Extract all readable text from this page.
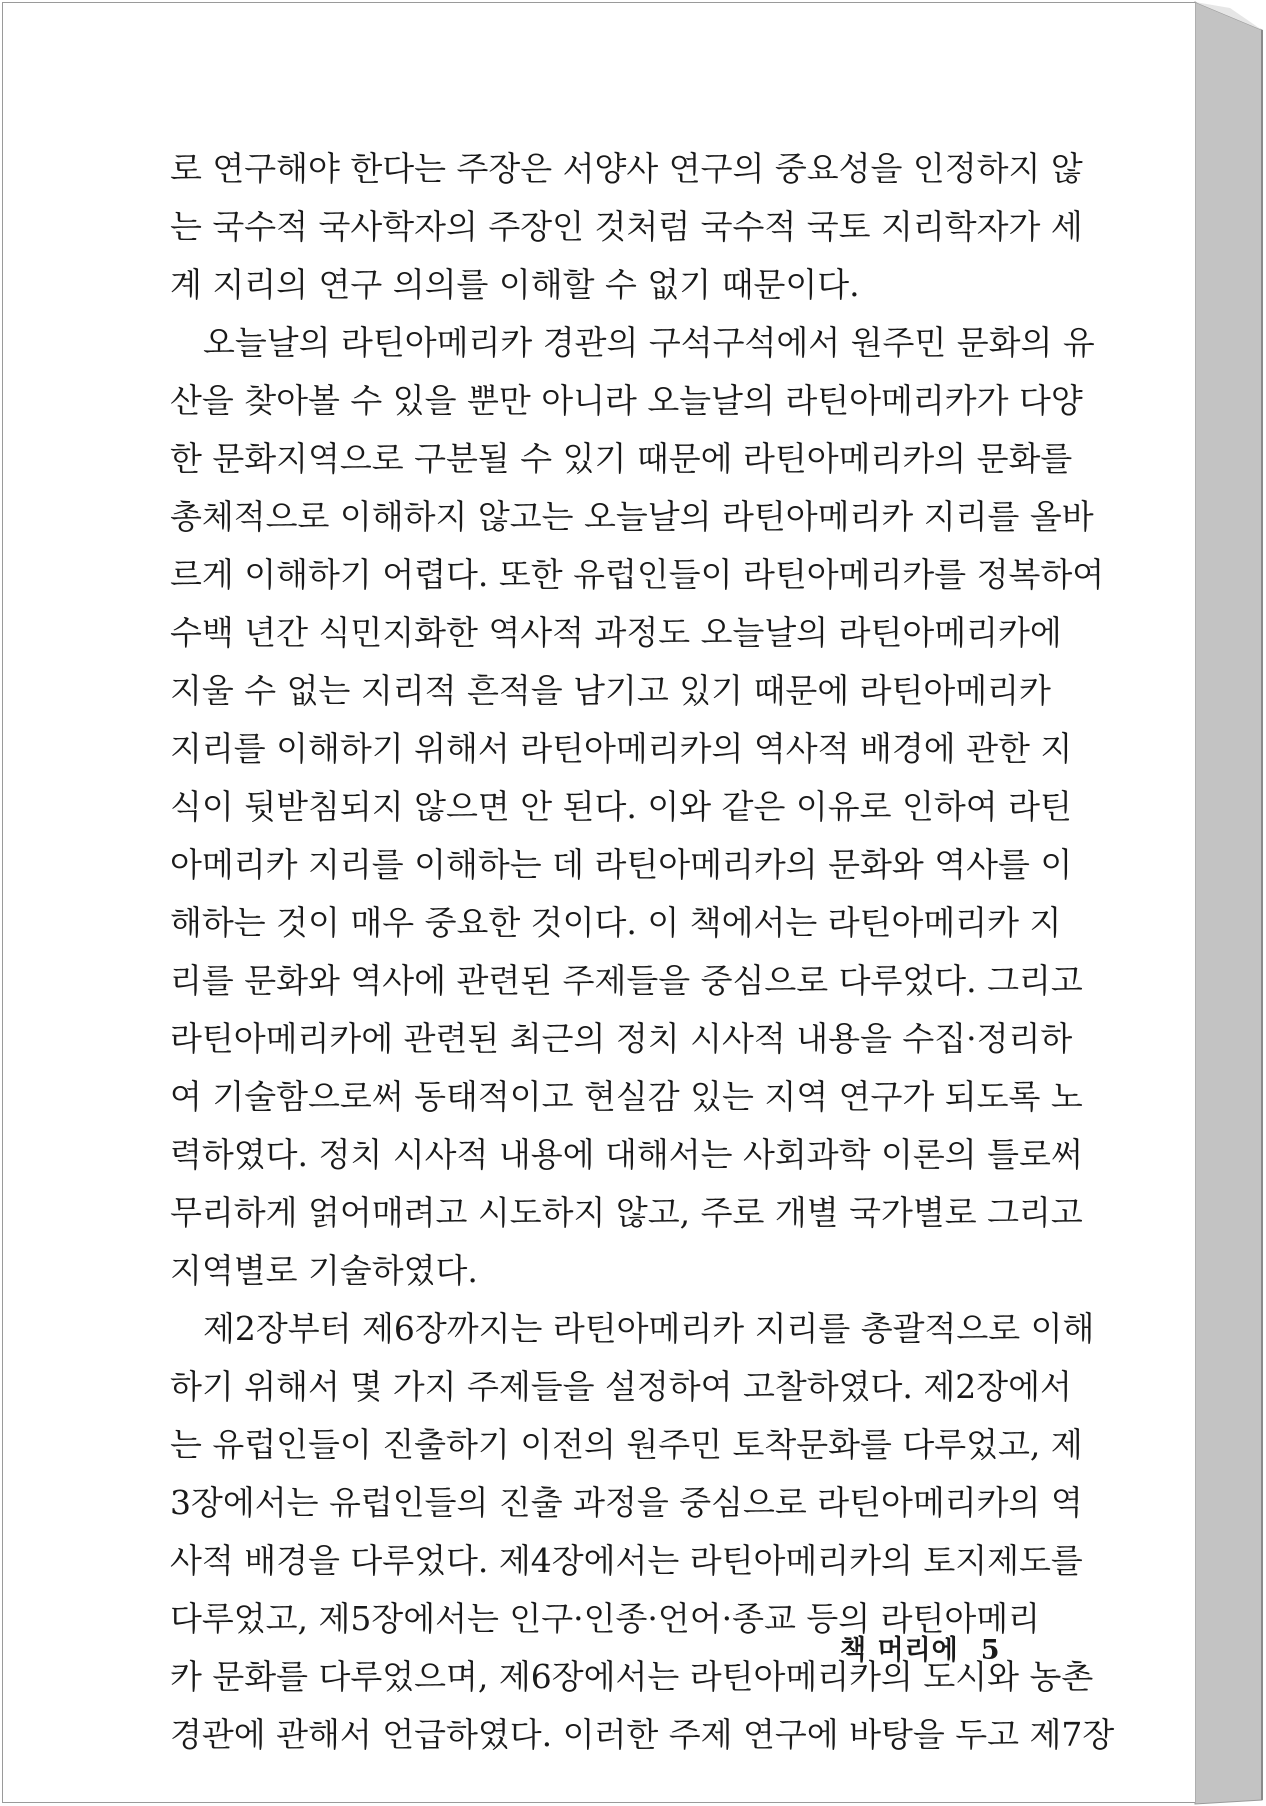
로 연구해야 한다는 주장은 서양사 연구의 중요성을 인정하지 않
는 국수적 국사학자의 주장인 것처럼 국수적 국토 지리학자가 세
계 지리의 연구 의의를 이해할 수 없기 때문이다.
오늘날의 라틴아메리카 경관의 구석구석에서 원주민 문화의 유
산을 찾아볼 수 있을 뿐만 아니라 오늘날의 라틴아메리카가 다양
한 문화지역으로 구분될 수 있기 때문에 라틴아메리카의 문화를
총체적으로 이해하지 않고는 오늘날의 라틴아메리카 지리를 올바
르게 이해하기 어렵다. 또한 유럽인들이 라틴아메리카를 정복하여
수백 년간 식민지화한 역사적 과정도 오늘날의 라틴아메리카에
지울 수 없는 지리적 흔적을 남기고 있기 때문에 라틴아메리카
지리를 이해하기 위해서 라틴아메리카의 역사적 배경에 관한 지
식이 뒷받침되지 않으면 안 된다. 이와 같은 이유로 인하여 라틴
아메리카 지리를 이해하는 데 라틴아메리카의 문화와 역사를 이
해하는 것이 매우 중요한 것이다. 이 책에서는 라틴아메리카 지
리를 문화와 역사에 관련된 주제들을 중심으로 다루었다. 그리고
라틴아메리카에 관련된 최근의 정치 시사적 내용을 수집·정리하
여 기술함으로써 동태적이고 현실감 있는 지역 연구가 되도록 노
력하였다. 정치 시사적 내용에 대해서는 사회과학 이론의 틀로써
무리하게 얽어매려고 시도하지 않고, 주로 개별 국가별로 그리고
지역별로 기술하였다.
제2장부터 제6장까지는 라틴아메리카 지리를 총괄적으로 이해
하기 위해서 몇 가지 주제들을 설정하여 고찰하였다. 제2장에서
는 유럽인들이 진출하기 이전의 원주민 토착문화를 다루었고, 제
3장에서는 유럽인들의 진출 과정을 중심으로 라틴아메리카의 역
사적 배경을 다루었다. 제4장에서는 라틴아메리카의 토지제도를
다루었고, 제5장에서는 인구·인종·언어·종교 등의 라틴아메리
카 문화를 다루었으며, 제6장에서는 라틴아메리카의 도시와 농촌
경관에 관해서 언급하였다. 이러한 주제 연구에 바탕을 두고 제7장
책 머리에 5
